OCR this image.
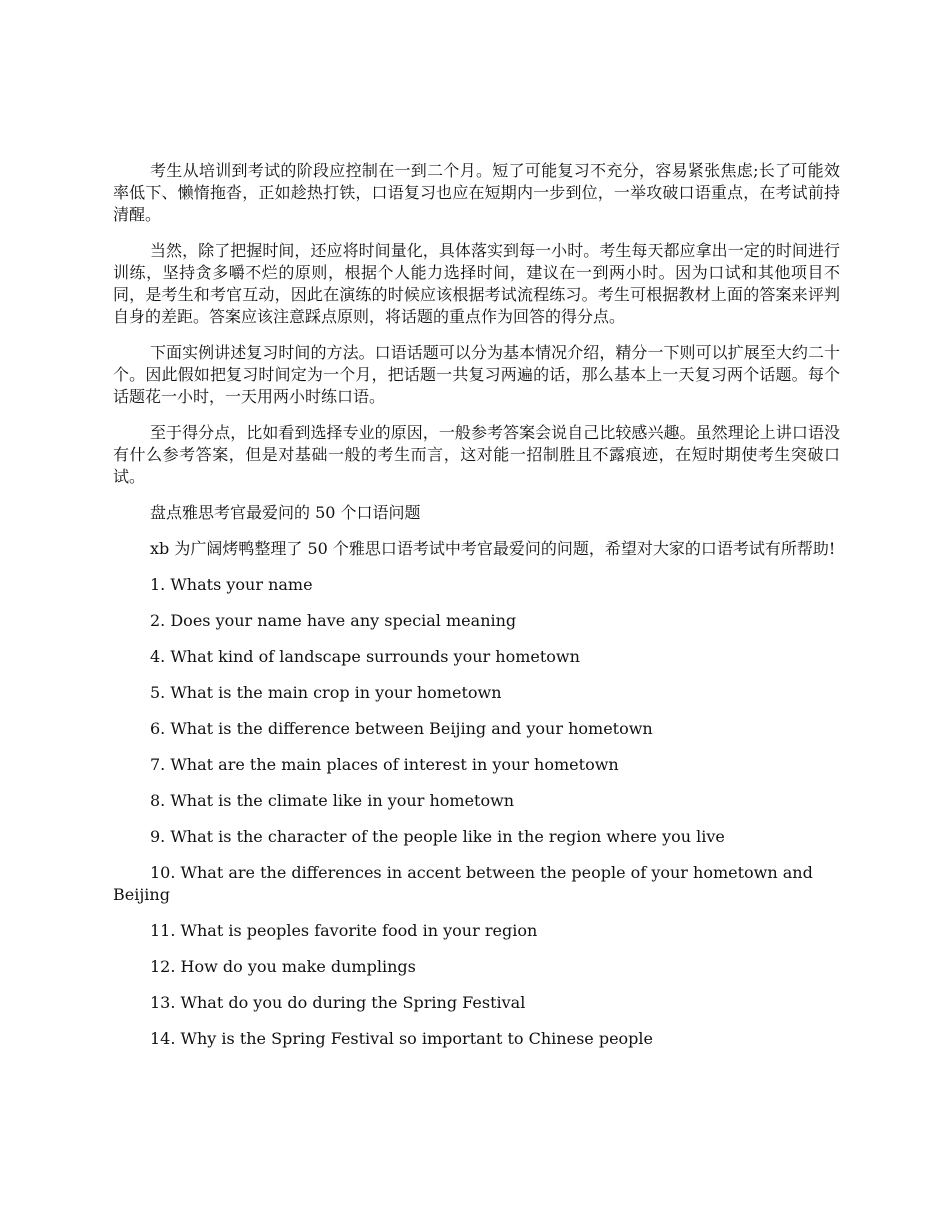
考生从培训到考试的阶段应控制在一到二个月。短了可能复习不充分，容易紧张焦虑;长了可能效率低下、懒惰拖沓，正如趁热打铁，口语复习也应在短期内一步到位，一举攻破口语重点，在考试前持清醒。

当然，除了把握时间，还应将时间量化，具体落实到每一小时。考生每天都应拿出一定的时间进行训练，坚持贪多嚼不烂的原则，根据个人能力选择时间，建议在一到两小时。因为口试和其他项目不同，是考生和考官互动，因此在演练的时候应该根据考试流程练习。考生可根据教材上面的答案来评判自身的差距。答案应该注意踩点原则，将话题的重点作为回答的得分点。

下面实例讲述复习时间的方法。口语话题可以分为基本情况介绍，精分一下则可以扩展至大约二十个。因此假如把复习时间定为一个月，把话题一共复习两遍的话，那么基本上一天复习两个话题。每个话题花一小时，一天用两小时练口语。

至于得分点，比如看到选择专业的原因，一般参考答案会说自己比较感兴趣。虽然理论上讲口语没有什么参考答案，但是对基础一般的考生而言，这对能一招制胜且不露痕迹，在短时期使考生突破口试。

盘点雅思考官最爱问的 50 个口语问题

xb 为广阔烤鸭整理了 50 个雅思口语考试中考官最爱问的问题，希望对大家的口语考试有所帮助!

1. Whats your name

2. Does your name have any special meaning

4. What kind of landscape surrounds your hometown

5. What is the main crop in your hometown

6. What is the difference between Beijing and your hometown

7. What are the main places of interest in your hometown

8. What is the climate like in your hometown

9. What is the character of the people like in the region where you live

10. What are the differences in accent between the people of your hometown and Beijing

11. What is peoples favorite food in your region

12. How do you make dumplings

13. What do you do during the Spring Festival

14. Why is the Spring Festival so important to Chinese people
